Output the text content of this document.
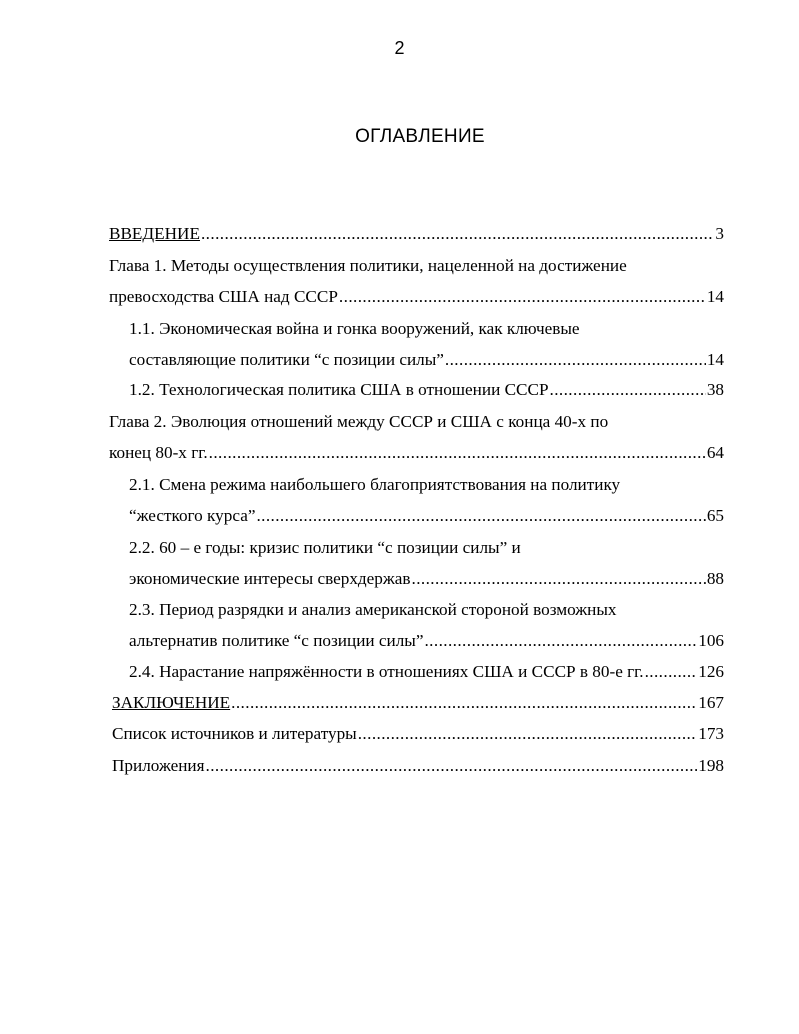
2
ОГЛАВЛЕНИЕ
ВВЕДЕНИЕ .....	3
Глава 1. Методы осуществления политики, нацеленной на достижение
превосходства США над СССР .....	14
1.1. Экономическая война и гонка вооружений, как ключевые
составляющие политики “с позиции силы” .....	14
1.2. Технологическая политика США в отношении СССР .....	38
Глава 2. Эволюция отношений между СССР и США с конца 40-х по
конец 80-х гг. .....	64
2.1. Смена режима наибольшего благоприятствования на политику
“жесткого курса” .....	65
2.2. 60 – е годы: кризис политики “с позиции силы” и
экономические интересы сверхдержав .....	88
2.3. Период разрядки и анализ американской стороной возможных
альтернатив политике “с позиции силы” .....	106
2.4. Нарастание напряжённости в отношениях США и СССР в 80-е гг. .....	126
ЗАКЛЮЧЕНИЕ .....	167
Список источников и литературы .....	173
Приложения .....	198
